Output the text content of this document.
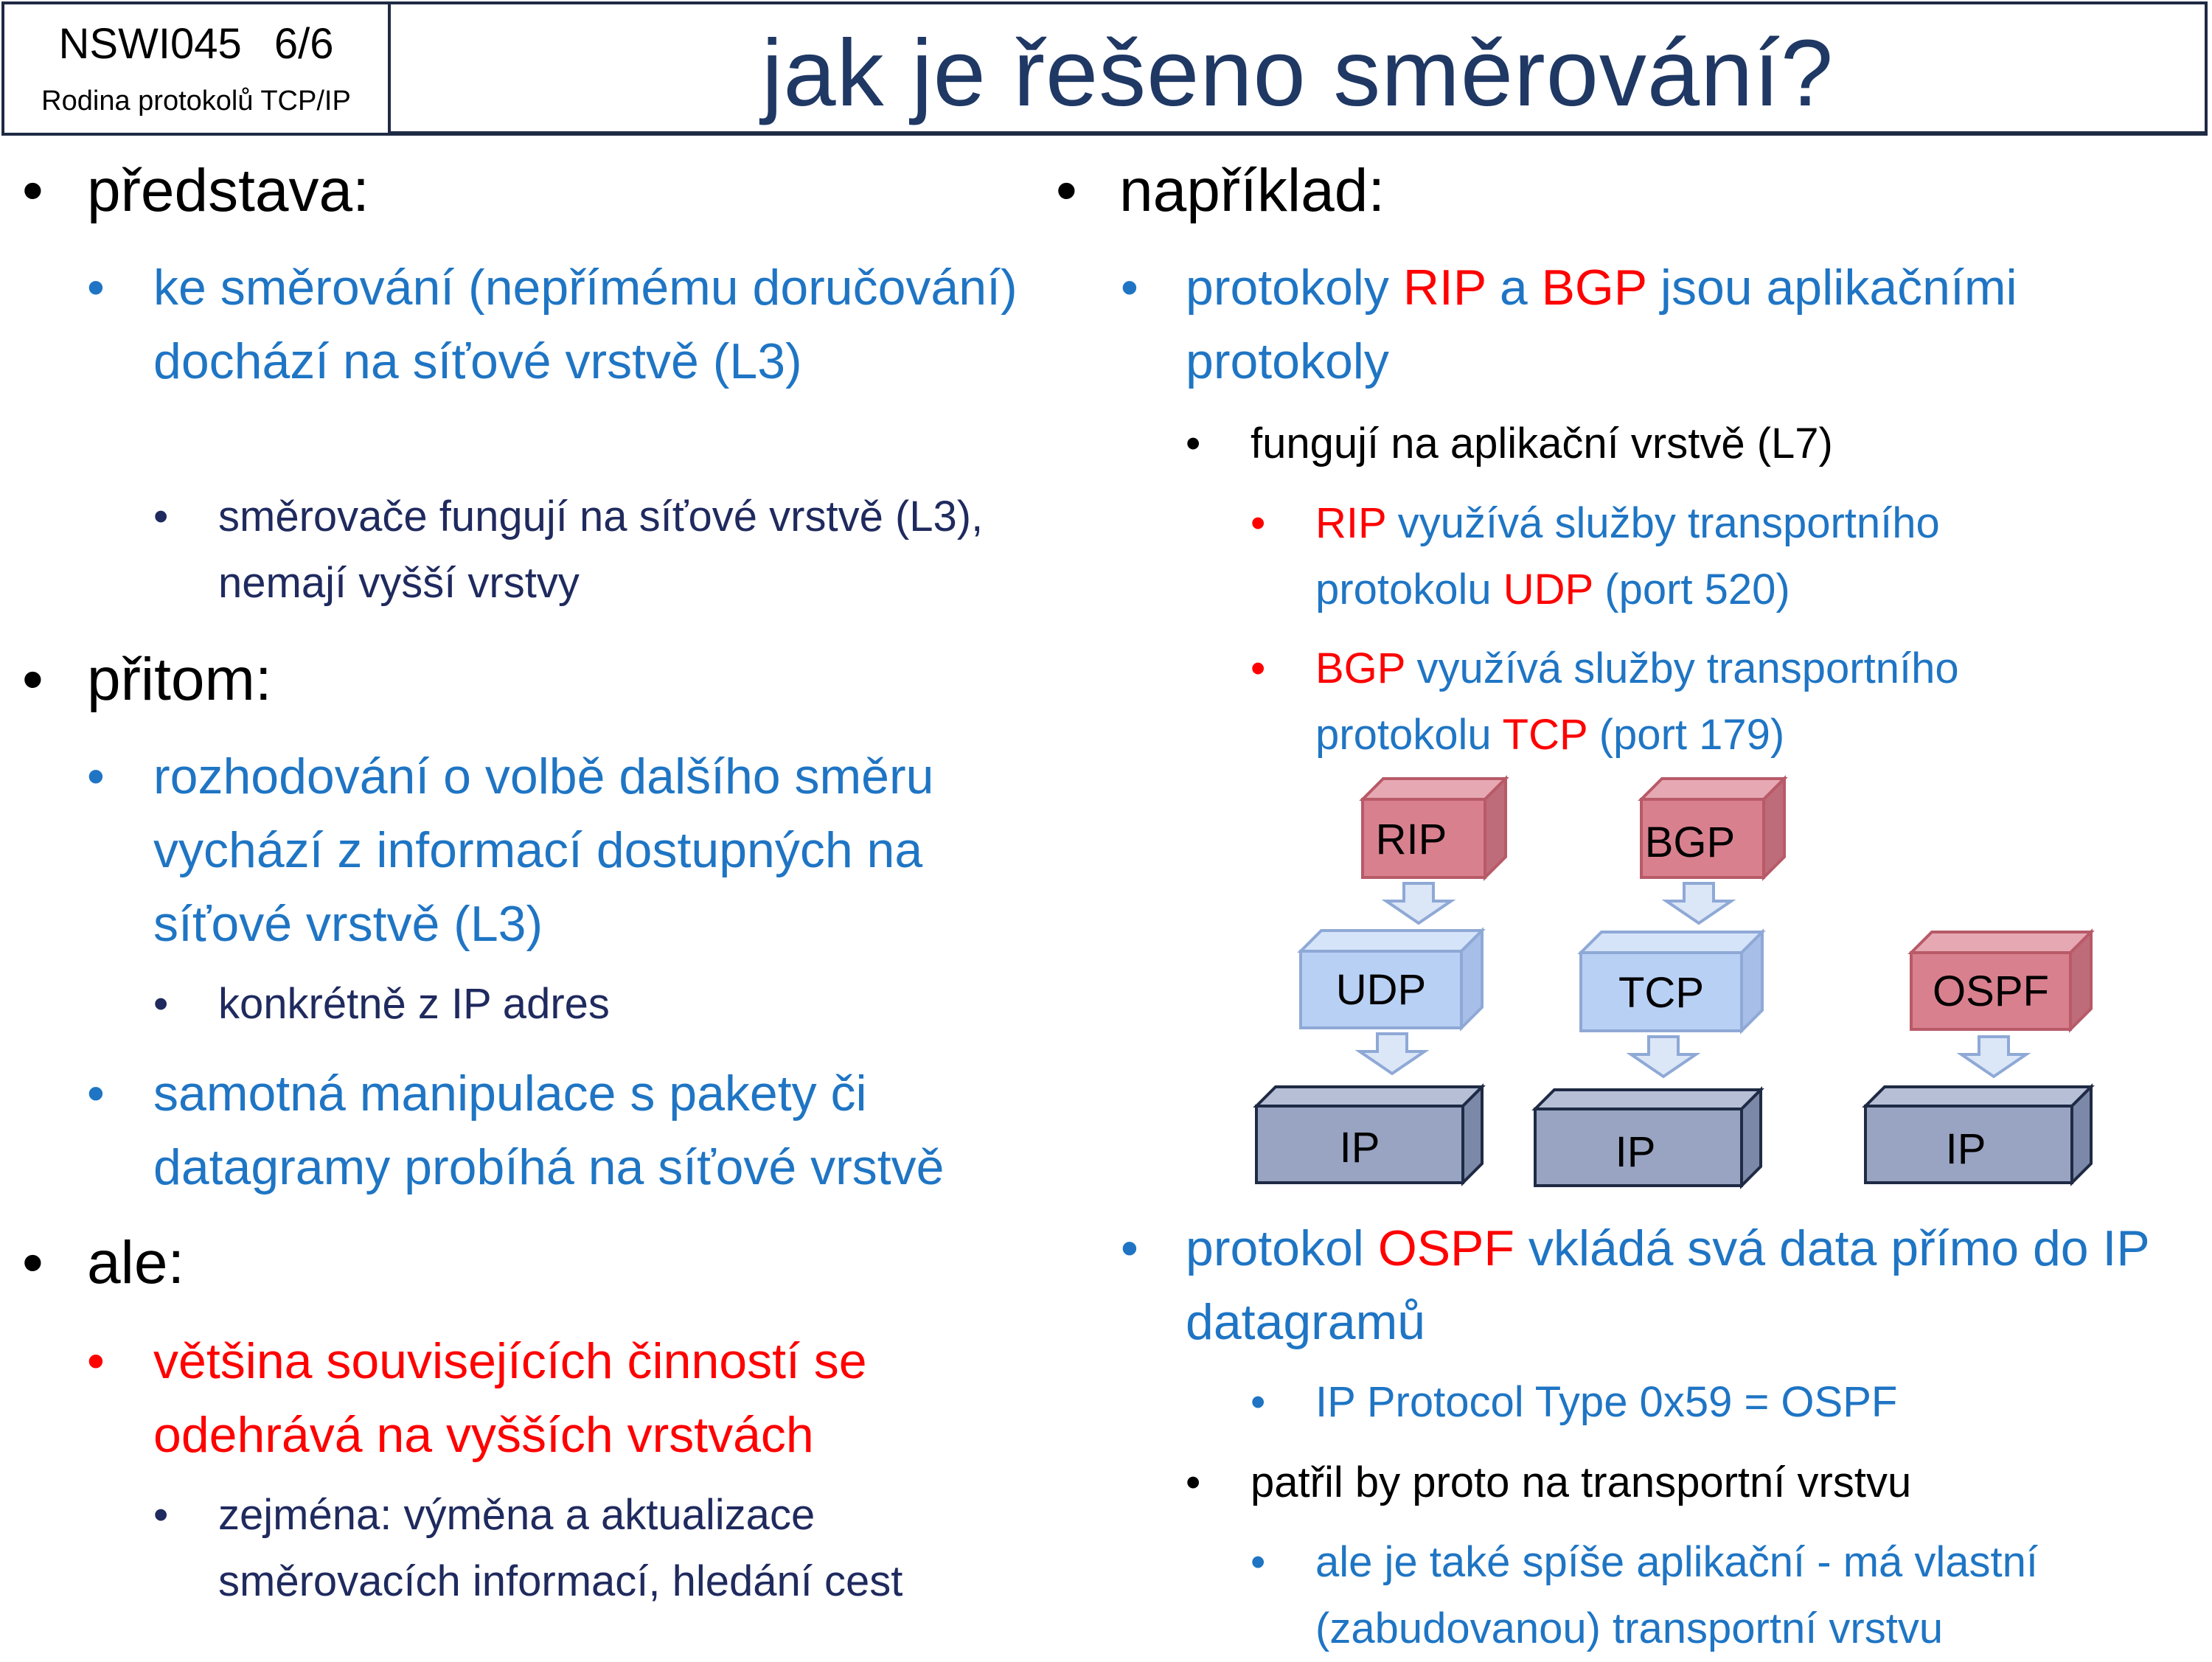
NSWI045 6/6
Rodina protokolů TCP/IP	jak je řešeno směrování?
• představa:
• ke směrování (nepřímému doručování) dochází na síťové vrstvě (L3)
• směrovače fungují na síťové vrstvě (L3), nemají vyšší vrstvy
• přitom:
• rozhodování o volbě dalšího směru vychází z informací dostupných na síťové vrstvě (L3)
• konkrétně z IP adres
• samotná manipulace s pakety či datagramy probíhá na síťové vrstvě
• ale:
• většina souvisejících činností se odehrává na vyšších vrstvách
• zejména: výměna a aktualizace směrovacích informací, hledání cest
• například:
• protokoly RIP a BGP jsou aplikačními protokoly
• fungují na aplikační vrstvě (L7)
• RIP využívá služby transportního protokolu UDP (port 520)
• BGP využívá služby transportního protokolu TCP (port 179)
RIP	BGP
UDP	TCP	OSPF
IP	IP	IP
• protokol OSPF vkládá svá data přímo do IP datagramů
• IP Protocol Type 0x59 = OSPF
• patřil by proto na transportní vrstvu
• ale je také spíše aplikační - má vlastní (zabudovanou) transportní vrstvu
